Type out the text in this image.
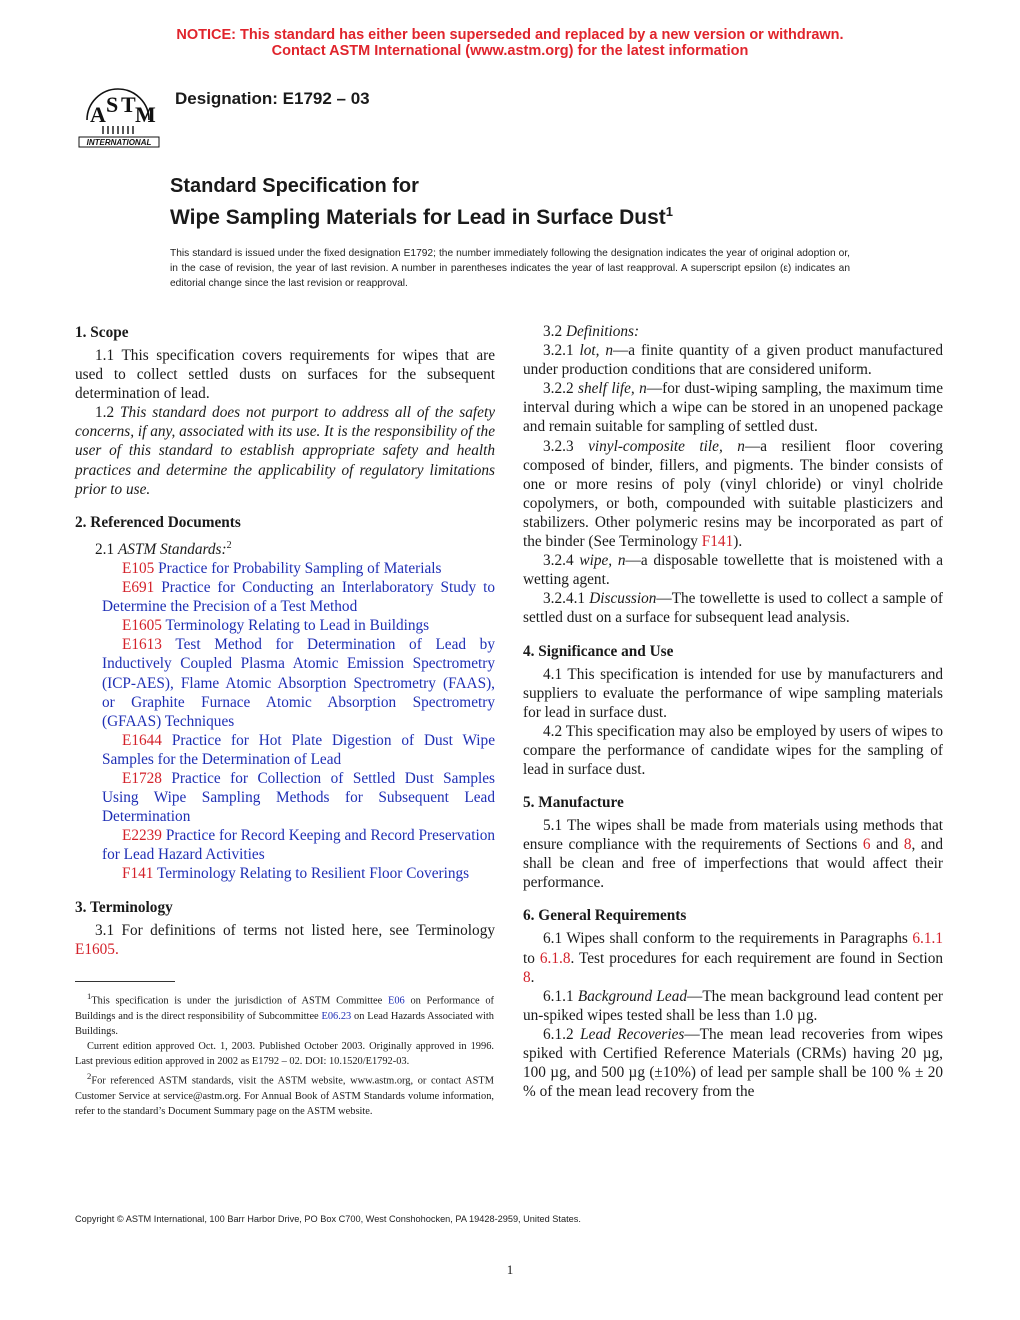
NOTICE: This standard has either been superseded and replaced by a new version or withdrawn.
Contact ASTM International (www.astm.org) for the latest information
A S T M
INTERNATIONAL
Designation: E1792 – 03
Standard Specification for
Wipe Sampling Materials for Lead in Surface Dust$^1$
This standard is issued under the fixed designation E1792; the number immediately following the designation indicates the year of original adoption or, in the case of revision, the year of last revision. A number in parentheses indicates the year of last reapproval. A superscript epsilon (ε) indicates an editorial change since the last revision or reapproval.
1. Scope

1.1 This specification covers requirements for wipes that are used to collect settled dusts on surfaces for the subsequent determination of lead.

1.2 This standard does not purport to address all of the safety concerns, if any, associated with its use. It is the responsibility of the user of this standard to establish appropriate safety and health practices and determine the applicability of regulatory limitations prior to use.

2. Referenced Documents

2.1 ASTM Standards:$^2$

E105 Practice for Probability Sampling of Materials

E691 Practice for Conducting an Interlaboratory Study to Determine the Precision of a Test Method

E1605 Terminology Relating to Lead in Buildings

E1613 Test Method for Determination of Lead by Inductively Coupled Plasma Atomic Emission Spectrometry (ICP-AES), Flame Atomic Absorption Spectrometry (FAAS), or Graphite Furnace Atomic Absorption Spectrometry (GFAAS) Techniques

E1644 Practice for Hot Plate Digestion of Dust Wipe Samples for the Determination of Lead

E1728 Practice for Collection of Settled Dust Samples Using Wipe Sampling Methods for Subsequent Lead Determination

E2239 Practice for Record Keeping and Record Preservation for Lead Hazard Activities

F141 Terminology Relating to Resilient Floor Coverings

3. Terminology

3.1 For definitions of terms not listed here, see Terminology E1605.

3.2 Definitions:

3.2.1 lot, n—a finite quantity of a given product manufactured under production conditions that are considered uniform.

3.2.2 shelf life, n—for dust-wiping sampling, the maximum time interval during which a wipe can be stored in an unopened package and remain suitable for sampling of settled dust.

3.2.3 vinyl-composite tile, n—a resilient floor covering composed of binder, fillers, and pigments. The binder consists of one or more resins of poly (vinyl chloride) or vinyl cholride copolymers, or both, compounded with suitable plasticizers and stabilizers. Other polymeric resins may be incorporated as part of the binder (See Terminology F141).

3.2.4 wipe, n—a disposable towellette that is moistened with a wetting agent.

3.2.4.1 Discussion—The towellette is used to collect a sample of settled dust on a surface for subsequent lead analysis.

4. Significance and Use

4.1 This specification is intended for use by manufacturers and suppliers to evaluate the performance of wipe sampling materials for lead in surface dust.

4.2 This specification may also be employed by users of wipes to compare the performance of candidate wipes for the sampling of lead in surface dust.

5. Manufacture

5.1 The wipes shall be made from materials using methods that ensure compliance with the requirements of Sections 6 and 8, and shall be clean and free of imperfections that would affect their performance.

6. General Requirements

6.1 Wipes shall conform to the requirements in Paragraphs 6.1.1 to 6.1.8. Test procedures for each requirement are found in Section 8.

6.1.1 Background Lead—The mean background lead content per un-spiked wipes tested shall be less than 1.0 µg.

6.1.2 Lead Recoveries—The mean lead recoveries from wipes spiked with Certified Reference Materials (CRMs) having 20 µg, 100 µg, and 500 µg (±10%) of lead per sample shall be 100 % ± 20 % of the mean lead recovery from the

$^1$This specification is under the jurisdiction of ASTM Committee E06 on Performance of Buildings and is the direct responsibility of Subcommittee E06.23 on Lead Hazards Associated with Buildings.

Current edition approved Oct. 1, 2003. Published October 2003. Originally approved in 1996. Last previous edition approved in 2002 as E1792 – 02. DOI: 10.1520/E1792-03.

$^2$For referenced ASTM standards, visit the ASTM website, www.astm.org, or contact ASTM Customer Service at service@astm.org. For Annual Book of ASTM Standards volume information, refer to the standard’s Document Summary page on the ASTM website.

Copyright © ASTM International, 100 Barr Harbor Drive, PO Box C700, West Conshohocken, PA 19428-2959, United States.
1
